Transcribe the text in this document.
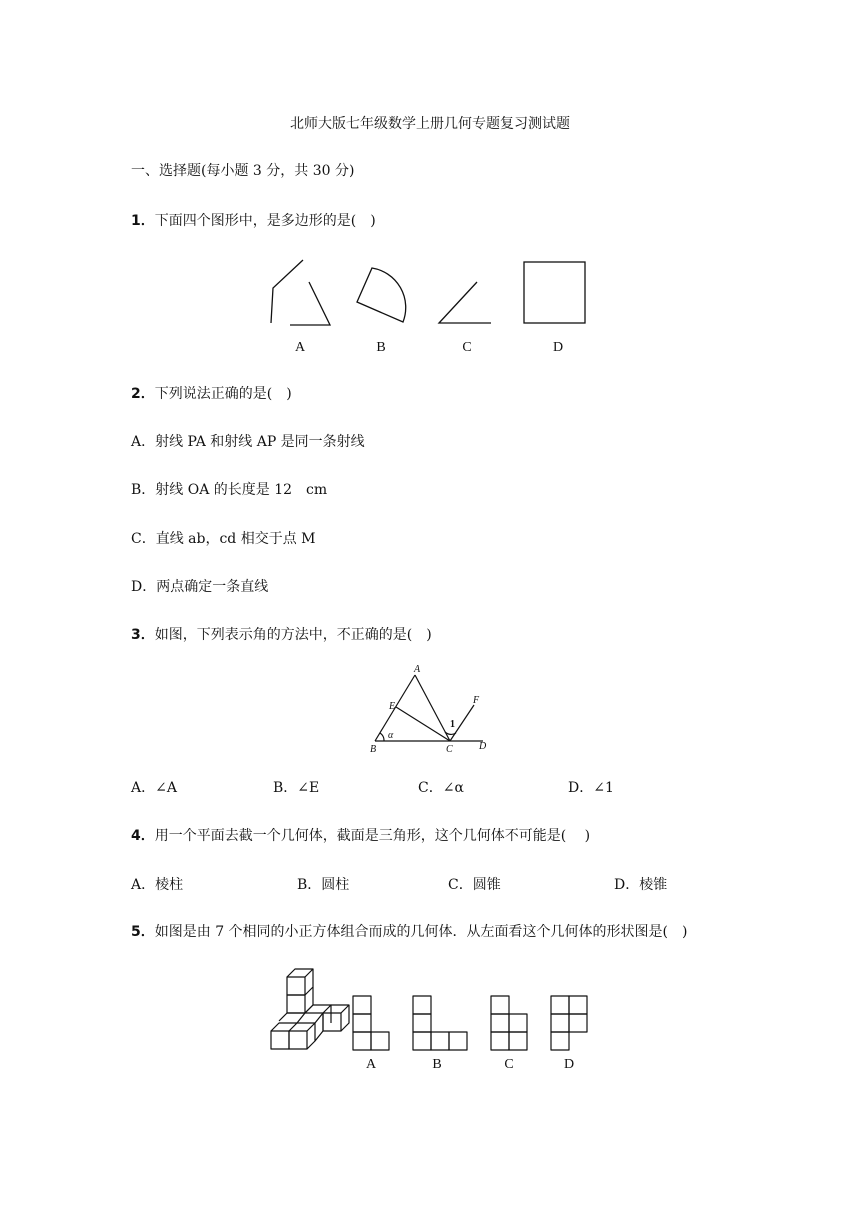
北师大版七年级数学上册几何专题复习测试题
一、选择题(每小题 3 分，共 30 分)
1．下面四个图形中，是多边形的是(　)
A	B	C	D
2．下列说法正确的是(　)
A．射线 PA 和射线 AP 是同一条射线
B．射线 OA 的长度是 12　cm
C．直线 ab，cd 相交于点 M
D．两点确定一条直线
3．如图，下列表示角的方法中，不正确的是(　)
A
E
B	C	D
F
1
α
A．∠A	B．∠E	C．∠α	D．∠1
4．用一个平面去截一个几何体，截面是三角形，这个几何体不可能是(　 )
A．棱柱	B．圆柱	C．圆锥	D．棱锥
5．如图是由 7 个相同的小正方体组合而成的几何体．从左面看这个几何体的形状图是(　)
A	B	C	D
